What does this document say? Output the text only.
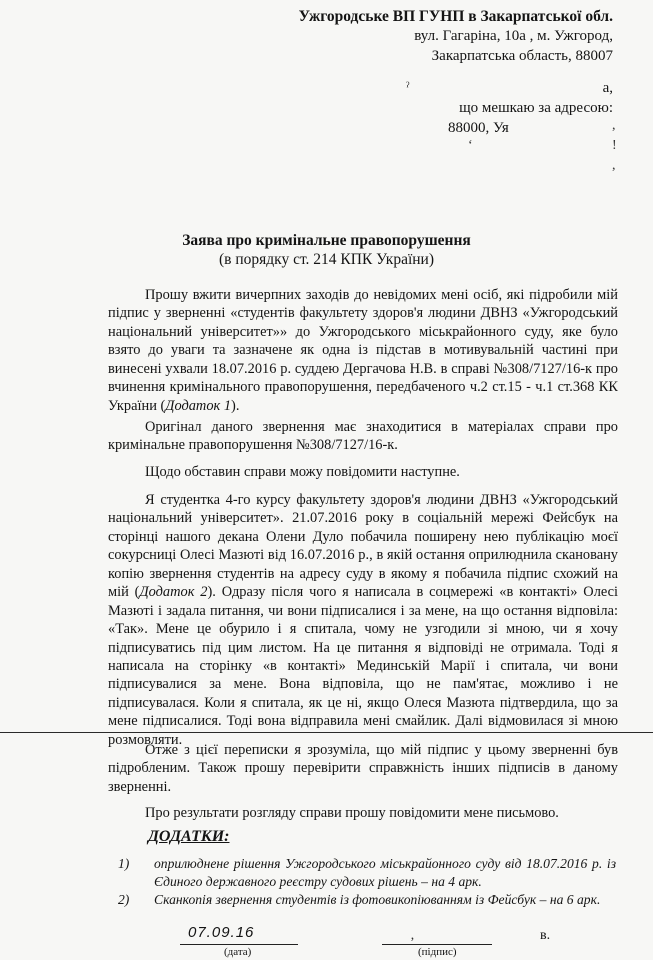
Ужгородське ВП ГУНП в Закарпатської обл.
вул. Гагаріна, 10а , м. Ужгород,
Закарпатська область, 88007
ˀ	а,
що мешкаю за адресою:
88000, Уя
‘
,
!
,
Заява про кримінальне правопорушення
(в порядку ст. 214 КПК України)

Прошу вжити вичерпних заходів до невідомих мені осіб, які підробили мій підпис у зверненні «студентів факультету здоров'я людини ДВНЗ «Ужгородський національний університет»» до Ужгородського міськрайонного суду, яке було взято до уваги та зазначене як одна із підстав в мотивувальній частині при винесені ухвали 18.07.2016 р. суддею Дергачова Н.В. в справі №308/7127/16-к про вчинення кримінального правопорушення, передбаченого ч.2 ст.15 - ч.1 ст.368 КК України (Додаток 1).

Оригінал даного звернення має знаходитися в матеріалах справи про кримінальне правопорушення №308/7127/16-к.

Щодо обставин справи можу повідомити наступне.

Я студентка 4-го курсу факультету здоров'я людини ДВНЗ «Ужгородський національний університет». 21.07.2016 року в соціальній мережі Фейсбук на сторінці нашого декана Олени Дуло побачила поширену нею публікацію моєї сокурсниці Олесі Мазюті від 16.07.2016 р., в якій остання оприлюднила скановану копію звернення студентів на адресу суду в якому я побачила підпис схожий на мій (Додаток 2). Одразу після чого я написала в соцмережі «в контакті» Олесі Мазюті і задала питання, чи вони підписалися і за мене, на що остання відповіла: «Так». Мене це обурило і я спитала, чому не узгодили зі мною, чи я хочу підписуватись під цим листом. На це питання я відповіді не отримала. Тоді я написала на сторінку «в контакті» Мединській Марії і спитала, чи вони підписувалися за мене. Вона відповіла, що не пам'ятає, можливо і не підписувалася. Коли я спитала, як це ні, якщо Олеся Мазюта підтвердила, що за мене підписалися. Тоді вона відправила мені смайлик. Далі відмовилася зі мною розмовляти.

Отже з цієї переписки я зрозуміла, що мій підпис у цьому зверненні був підробленим. Також прошу перевірити справжність інших підписів в даному зверненні.

Про результати розгляду справи прошу повідомити мене письмово.

ДОДАТКИ:
1) оприлюднене рішення Ужгородського міськрайонного суду від 18.07.2016 р. із Єдиного державного реєстру судових рішень – на 4 арк.
2) Сканкопія звернення студентів із фотовикопіюванням із Фейсбук – на 6 арк.
07.09.16
(дата)	(підпис)
‚	в.
